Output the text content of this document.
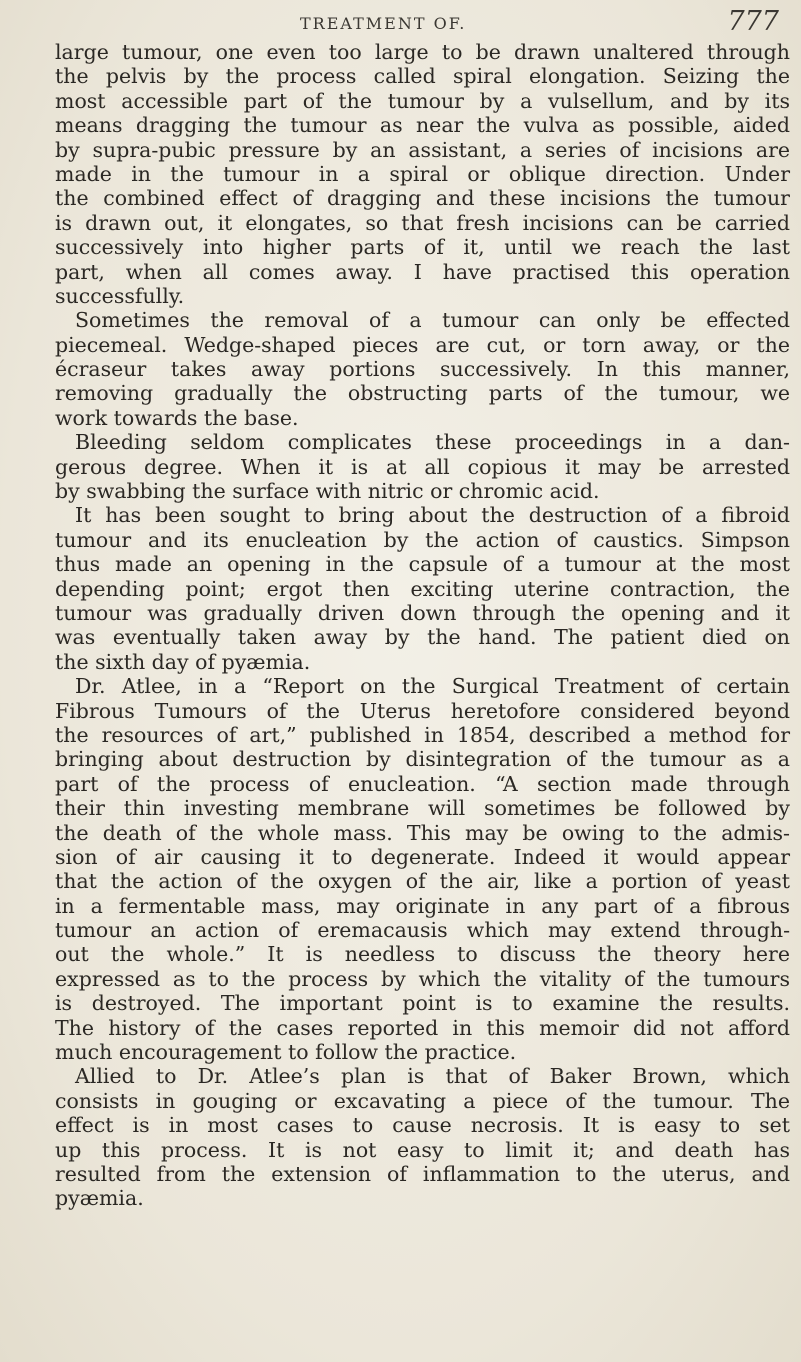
TREATMENT OF.	777
large tumour, one even too large to be drawn unaltered through
the pelvis by the process called spiral elongation. Seizing the
most accessible part of the tumour by a vulsellum, and by its
means dragging the tumour as near the vulva as possible, aided
by supra-pubic pressure by an assistant, a series of incisions are
made in the tumour in a spiral or oblique direction. Under
the combined effect of dragging and these incisions the tumour
is drawn out, it elongates, so that fresh incisions can be carried
successively into higher parts of it, until we reach the last
part, when all comes away. I have practised this operation
successfully.
Sometimes the removal of a tumour can only be effected
piecemeal. Wedge-shaped pieces are cut, or torn away, or the
écraseur takes away portions successively. In this manner,
removing gradually the obstructing parts of the tumour, we
work towards the base.
Bleeding seldom complicates these proceedings in a dan-
gerous degree. When it is at all copious it may be arrested
by swabbing the surface with nitric or chromic acid.
It has been sought to bring about the destruction of a fibroid
tumour and its enucleation by the action of caustics. Simpson
thus made an opening in the capsule of a tumour at the most
depending point; ergot then exciting uterine contraction, the
tumour was gradually driven down through the opening and it
was eventually taken away by the hand. The patient died on
the sixth day of pyæmia.
Dr. Atlee, in a “Report on the Surgical Treatment of certain
Fibrous Tumours of the Uterus heretofore considered beyond
the resources of art,” published in 1854, described a method for
bringing about destruction by disintegration of the tumour as a
part of the process of enucleation. “A section made through
their thin investing membrane will sometimes be followed by
the death of the whole mass. This may be owing to the admis-
sion of air causing it to degenerate. Indeed it would appear
that the action of the oxygen of the air, like a portion of yeast
in a fermentable mass, may originate in any part of a fibrous
tumour an action of eremacausis which may extend through-
out the whole.” It is needless to discuss the theory here
expressed as to the process by which the vitality of the tumours
is destroyed. The important point is to examine the results.
The history of the cases reported in this memoir did not afford
much encouragement to follow the practice.
Allied to Dr. Atlee’s plan is that of Baker Brown, which
consists in gouging or excavating a piece of the tumour. The
effect is in most cases to cause necrosis. It is easy to set
up this process. It is not easy to limit it; and death has
resulted from the extension of inflammation to the uterus, and
pyæmia.
